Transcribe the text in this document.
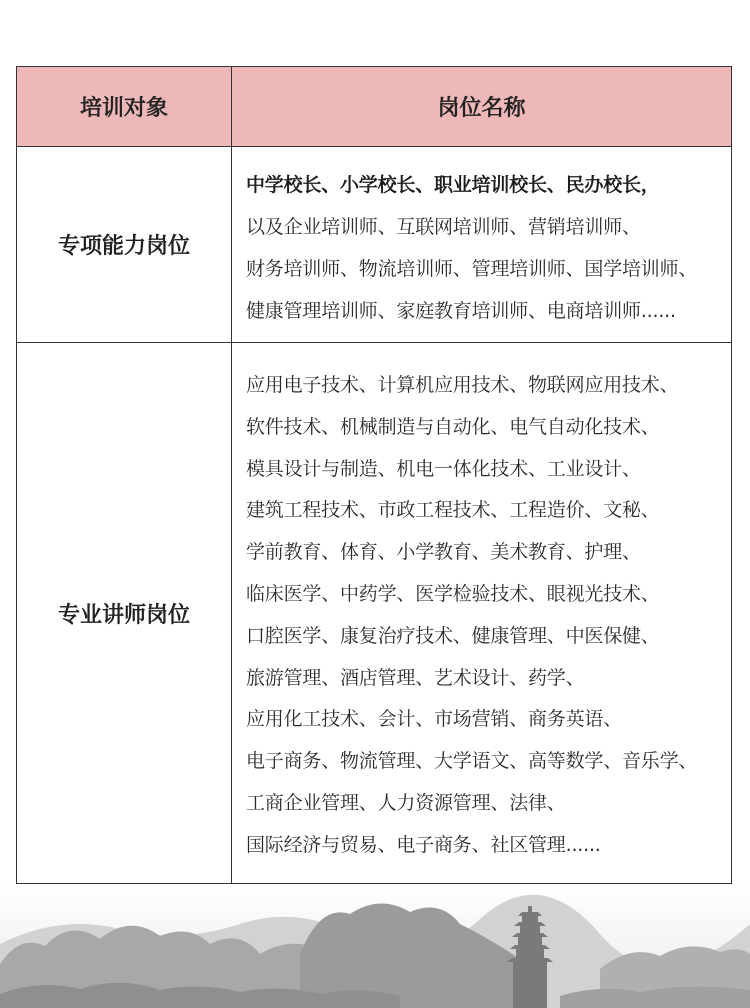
培训对象	岗位名称
专项能力岗位
中学校长、小学校长、职业培训校长、民办校长，
以及企业培训师、互联网培训师、营销培训师、
财务培训师、物流培训师、管理培训师、国学培训师、
健康管理培训师、家庭教育培训师、电商培训师......
专业讲师岗位
应用电子技术、计算机应用技术、物联网应用技术、
软件技术、机械制造与自动化、电气自动化技术、
模具设计与制造、机电一体化技术、工业设计、
建筑工程技术、市政工程技术、工程造价、文秘、
学前教育、体育、小学教育、美术教育、护理、
临床医学、中药学、医学检验技术、眼视光技术、
口腔医学、康复治疗技术、健康管理、中医保健、
旅游管理、酒店管理、艺术设计、药学、
应用化工技术、会计、市场营销、商务英语、
电子商务、物流管理、大学语文、高等数学、音乐学、
工商企业管理、人力资源管理、法律、
国际经济与贸易、电子商务、社区管理......
